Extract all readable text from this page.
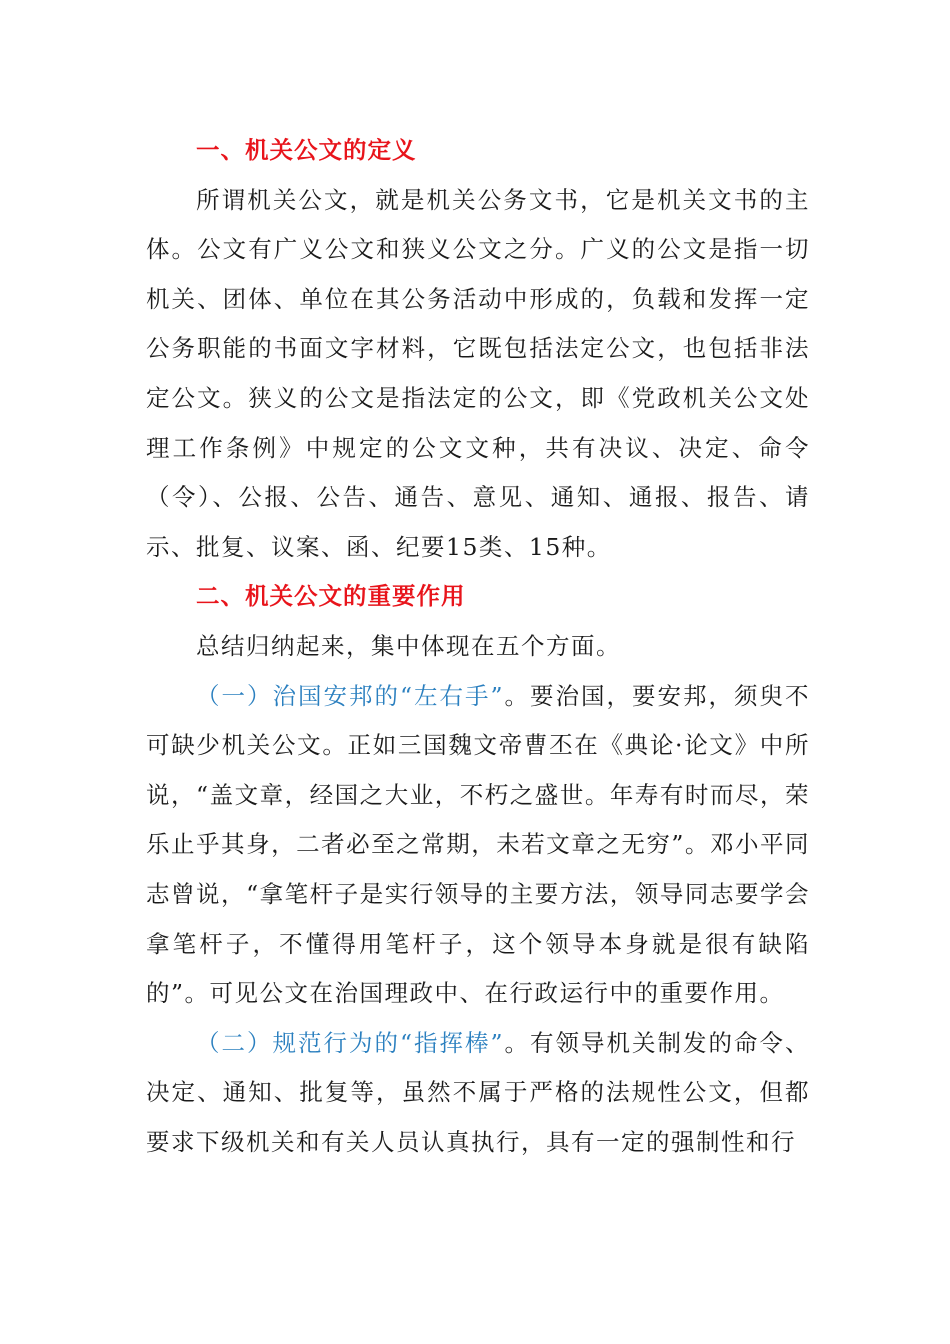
一、机关公文的定义

所谓机关公文，就是机关公务文书，它是机关文书的主体。公文有广义公文和狭义公文之分。广义的公文是指一切机关、团体、单位在其公务活动中形成的，负载和发挥一定公务职能的书面文字材料，它既包括法定公文，也包括非法定公文。狭义的公文是指法定的公文，即《党政机关公文处理工作条例》中规定的公文文种，共有决议、决定、命令（令）、公报、公告、通告、意见、通知、通报、报告、请示、批复、议案、函、纪要15类、15种。

二、机关公文的重要作用

总结归纳起来，集中体现在五个方面。

（一）治国安邦的“左右手”。要治国，要安邦，须臾不可缺少机关公文。正如三国魏文帝曹丕在《典论·论文》中所说，“盖文章，经国之大业，不朽之盛世。年寿有时而尽，荣乐止乎其身，二者必至之常期，未若文章之无穷”。邓小平同志曾说，“拿笔杆子是实行领导的主要方法，领导同志要学会拿笔杆子，不懂得用笔杆子，这个领导本身就是很有缺陷的”。可见公文在治国理政中、在行政运行中的重要作用。

（二）规范行为的“指挥棒”。有领导机关制发的命令、决定、通知、批复等，虽然不属于严格的法规性公文，但都要求下级机关和有关人员认真执行，具有一定的强制性和行
